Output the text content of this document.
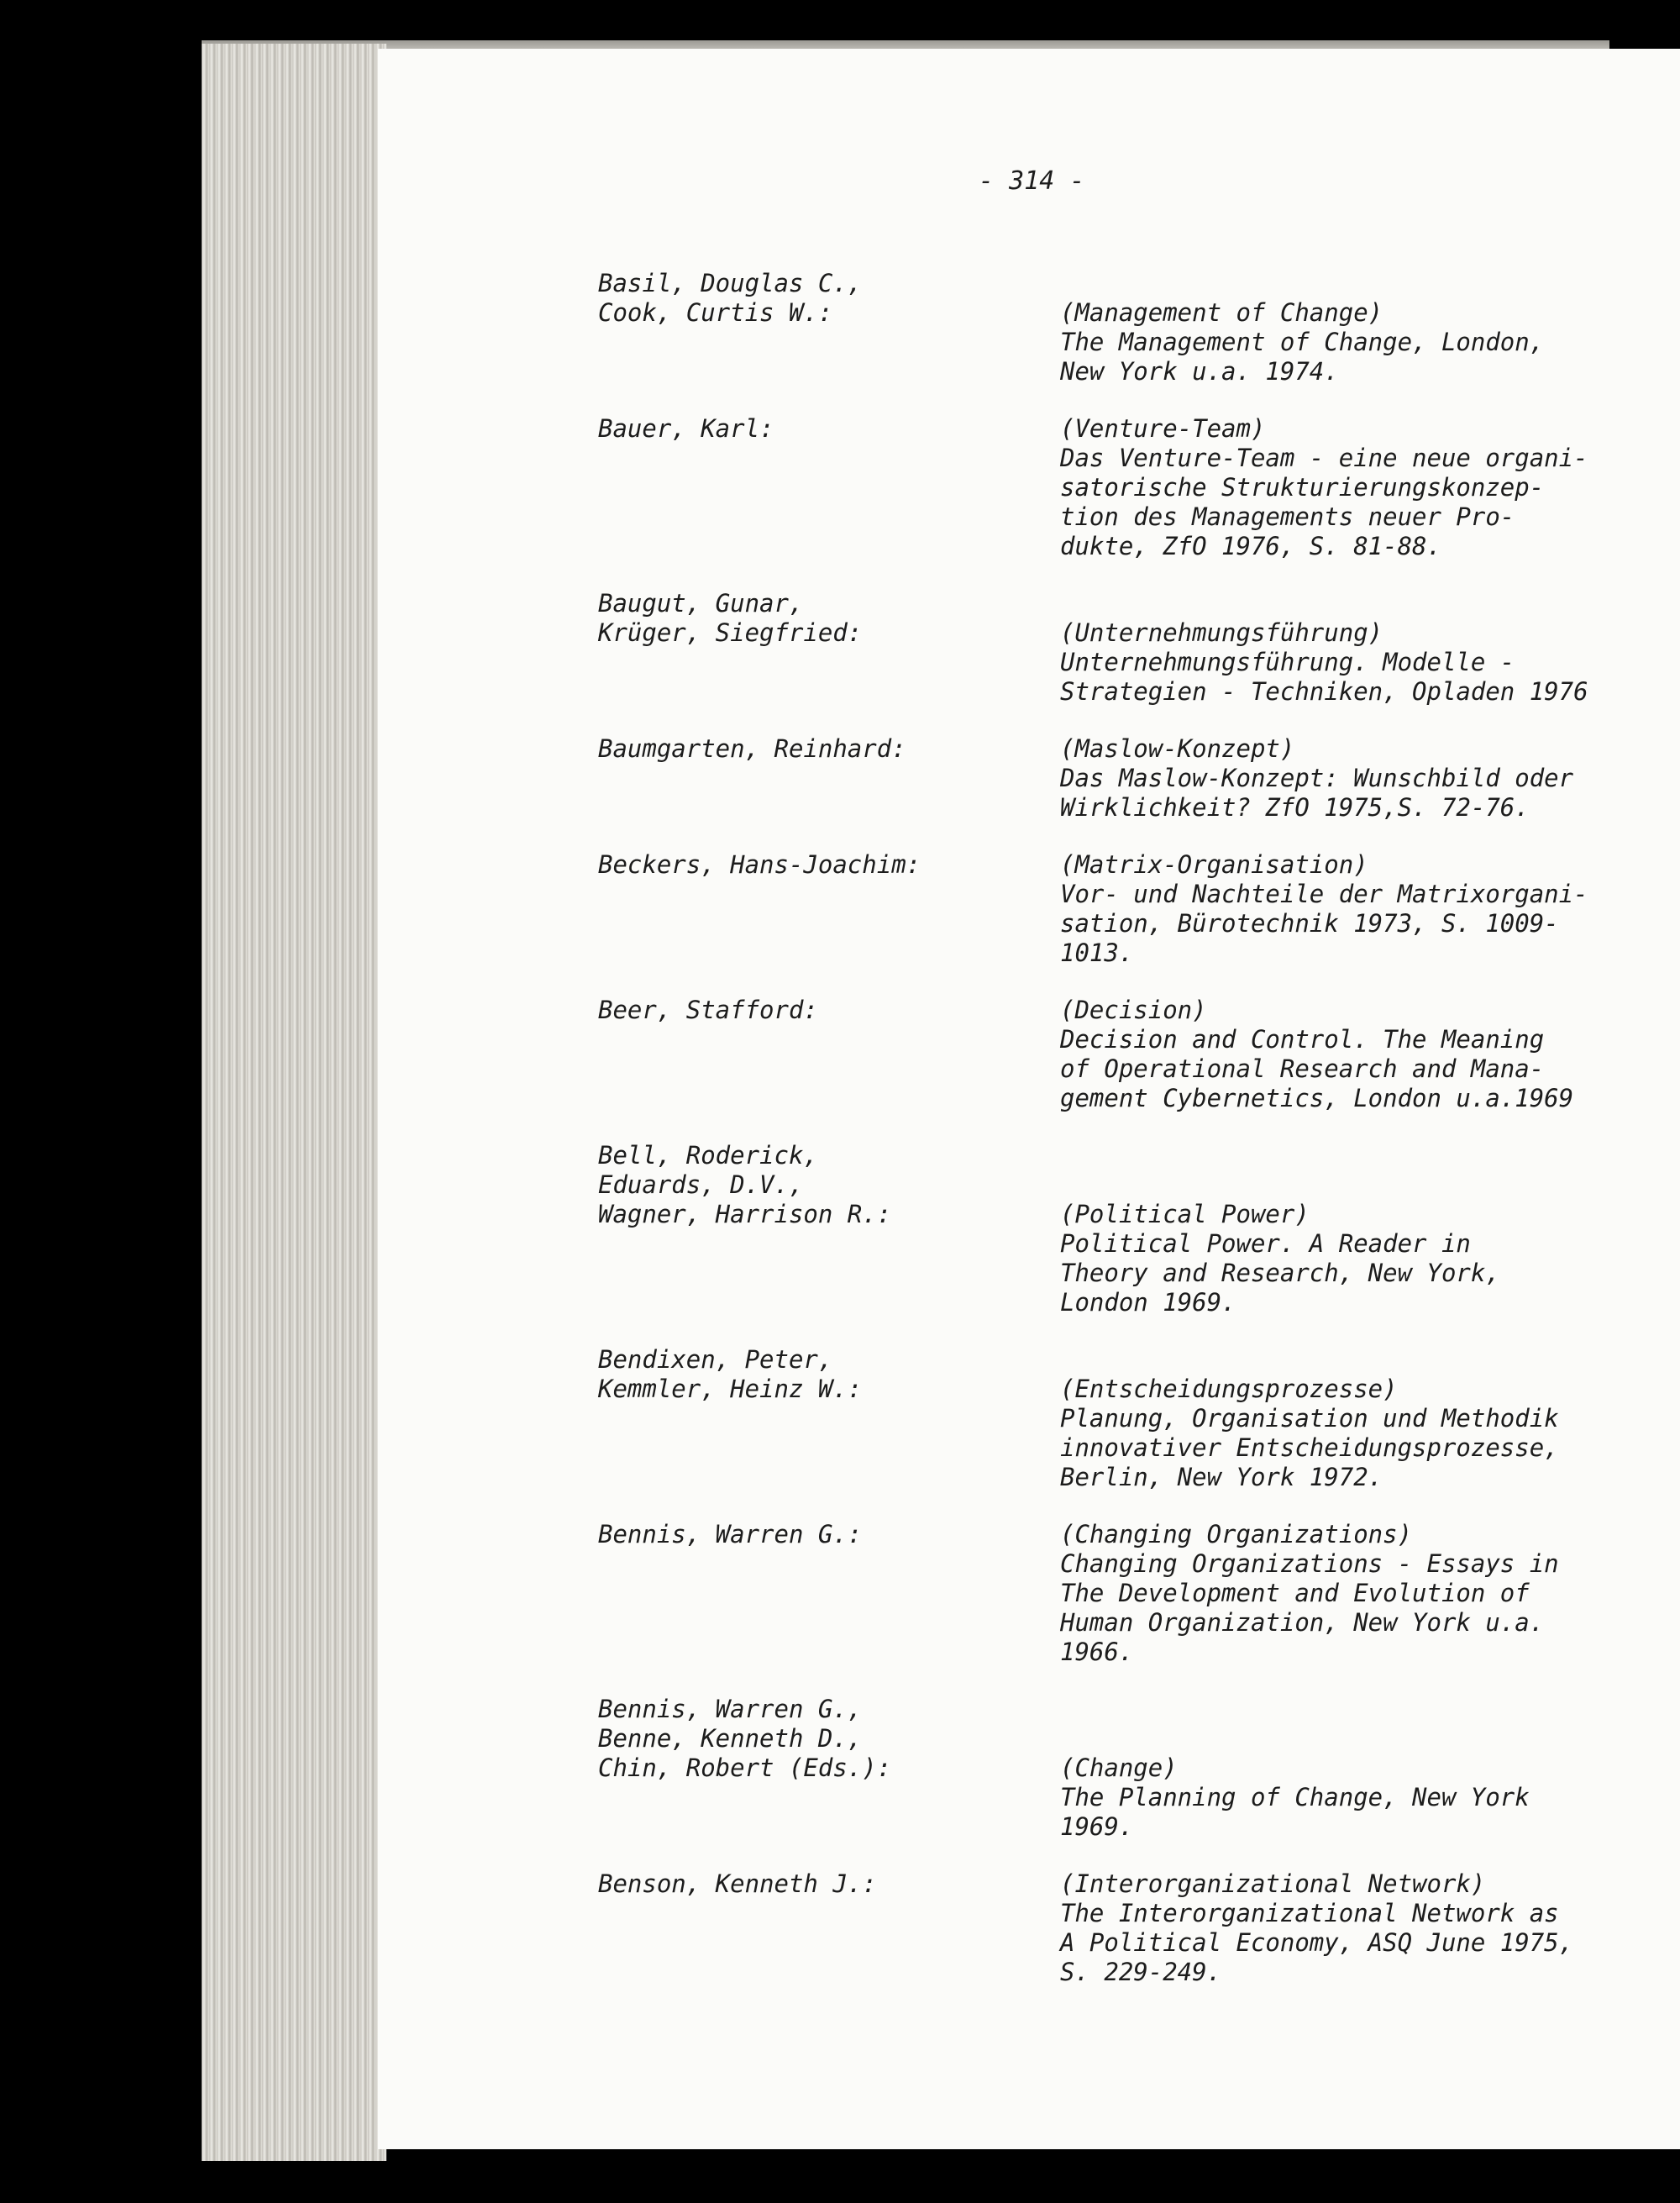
- 314 -
Basil, Douglas C.,
Cook, Curtis W.:	(Management of Change)
The Management of Change, London,
New York u.a. 1974.
Bauer, Karl:	(Venture-Team)
Das Venture-Team - eine neue organi-
satorische Strukturierungskonzep-
tion des Managements neuer Pro-
dukte, ZfO 1976, S. 81-88.
Baugut, Gunar,
Krüger, Siegfried:	(Unternehmungsführung)
Unternehmungsführung. Modelle -
Strategien - Techniken, Opladen 1976
Baumgarten, Reinhard:	(Maslow-Konzept)
Das Maslow-Konzept: Wunschbild oder
Wirklichkeit? ZfO 1975,S. 72-76.
Beckers, Hans-Joachim:	(Matrix-Organisation)
Vor- und Nachteile der Matrixorgani-
sation, Bürotechnik 1973, S. 1009-
1013.
Beer, Stafford:	(Decision)
Decision and Control. The Meaning
of Operational Research and Mana-
gement Cybernetics, London u.a.1969
Bell, Roderick,
Eduards, D.V.,
Wagner, Harrison R.:	(Political Power)
Political Power. A Reader in
Theory and Research, New York,
London 1969.
Bendixen, Peter,
Kemmler, Heinz W.:	(Entscheidungsprozesse)
Planung, Organisation und Methodik
innovativer Entscheidungsprozesse,
Berlin, New York 1972.
Bennis, Warren G.:	(Changing Organizations)
Changing Organizations - Essays in
The Development and Evolution of
Human Organization, New York u.a.
1966.
Bennis, Warren G.,
Benne, Kenneth D.,
Chin, Robert (Eds.):	(Change)
The Planning of Change, New York
1969.
Benson, Kenneth J.:	(Interorganizational Network)
The Interorganizational Network as
A Political Economy, ASQ June 1975,
S. 229-249.
